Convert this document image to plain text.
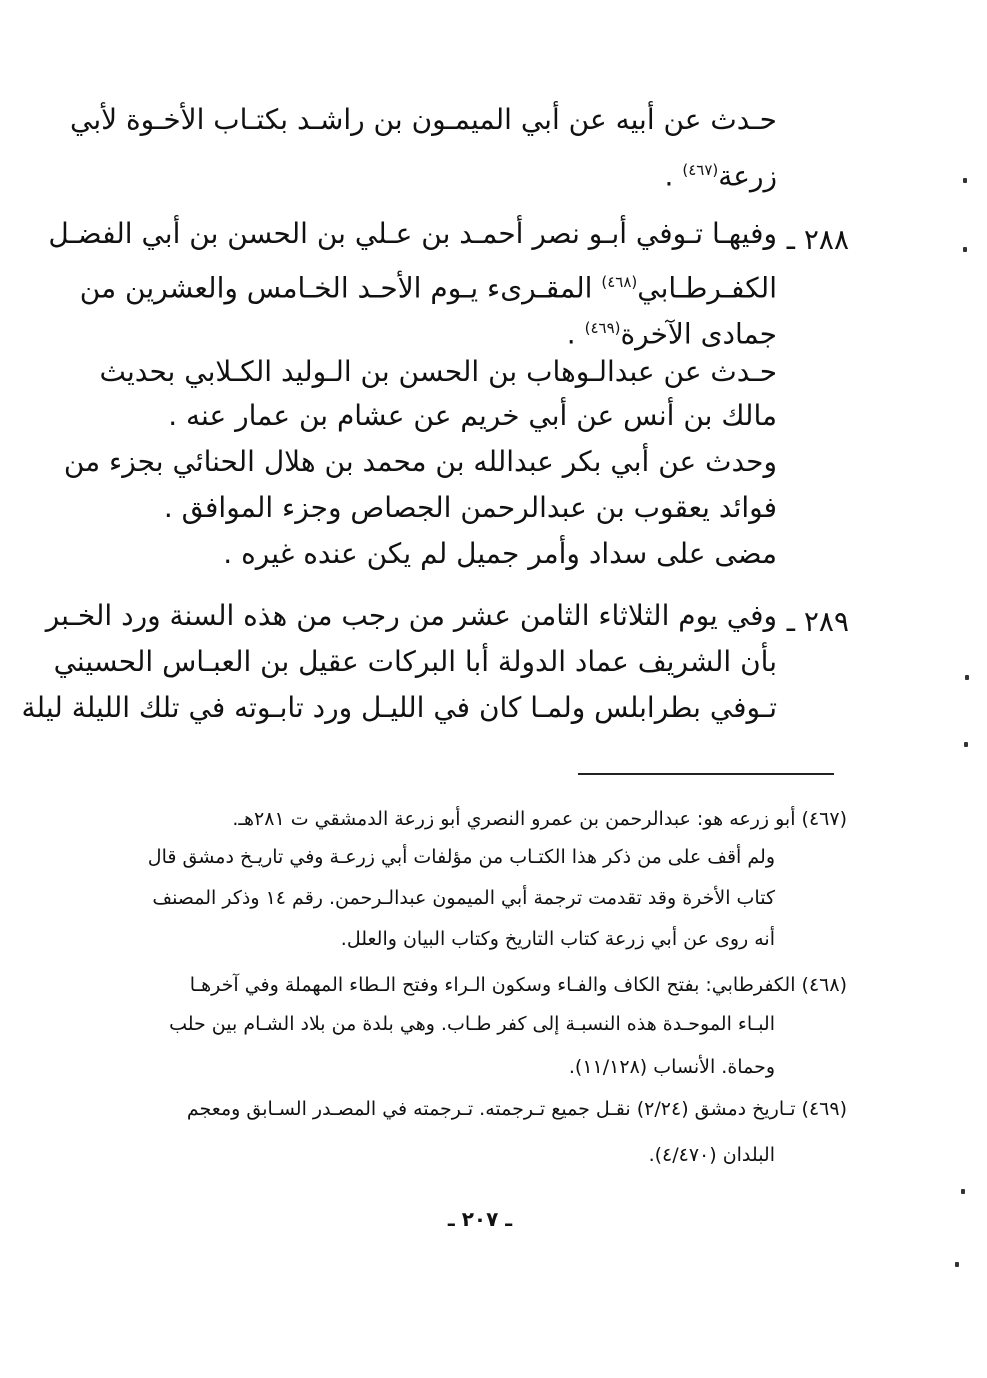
حـدث عن أبيه عن أبي الميمـون بن راشـد بكتـاب الأخـوة لأبي
زرعة$^{(٤٦٧)}$ .
٢٨٨ ـ
وفيهـا تـوفي أبـو نصر أحمـد بن عـلي بن الحسن بن أبي الفضـل
الكفـرطـابي$^{(٤٦٨)}$ المقـرىء يـوم الأحـد الخـامس والعشرين من
جمادى الآخرة$^{(٤٦٩)}$ .
حـدث عن عبدالـوهاب بن الحسن بن الـوليد الكـلابي بحديث
مالك بن أنس عن أبي خريم عن عشام بن عمار عنه .
وحدث عن أبي بكر عبدالله بن محمد بن هلال الحنائي بجزء من
فوائد يعقوب بن عبدالرحمن الجصاص وجزء الموافق .
مضى على سداد وأمر جميل لم يكن عنده غيره .
٢٨٩ ـ
وفي يوم الثلاثاء الثامن عشر من رجب من هذه السنة ورد الخـبر
بأن الشريف عماد الدولة أبا البركات عقيل بن العبـاس الحسيني
تـوفي بطرابلس ولمـا كان في الليـل ورد تابـوته في تلك الليلة ليلة
(٤٦٧) أبو زرعه هو: عبدالرحمن بن عمرو النصري أبو زرعة الدمشقي ت ٢٨١هـ.
ولم أقف على من ذكر هذا الكتـاب من مؤلفات أبي زرعـة وفي تاريـخ دمشق قال
كتاب الأخرة وقد تقدمت ترجمة أبي الميمون عبدالـرحمن. رقم ١٤ وذكر المصنف
أنه روى عن أبي زرعة كتاب التاريخ وكتاب البيان والعلل.
(٤٦٨) الكفرطابي: بفتح الكاف والفـاء وسكون الـراء وفتح الـطاء المهملة وفي آخرهـا
البـاء الموحـدة هذه النسبـة إلى كفر طـاب. وهي بلدة من بلاد الشـام بين حلب
وحماة. الأنساب (١١/١٢٨).
(٤٦٩) تـاريخ دمشق (٢/٢٤) نقـل جميع تـرجمته. تـرجمته في المصـدر السـابق ومعجم
البلدان (٤/٤٧٠).
ـ ٢٠٧ ـ
